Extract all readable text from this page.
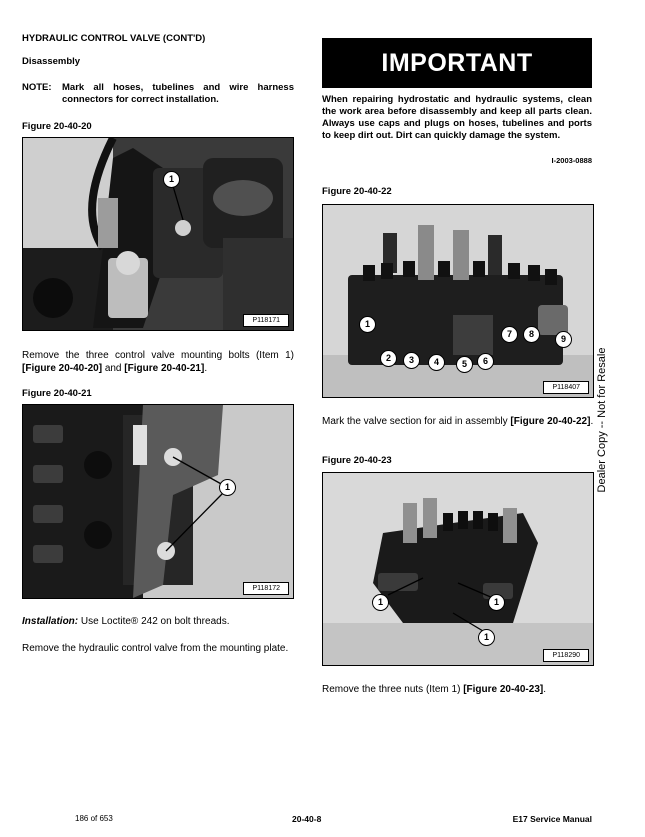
HYDRAULIC CONTROL VALVE (CONT'D)
Disassembly
NOTE: Mark all hoses, tubelines and wire harness connectors for correct installation.
Figure 20-40-20
1
P118171
Remove the three control valve mounting bolts (Item 1) [Figure 20-40-20] and [Figure 20-40-21].
Figure 20-40-21
1
P118172
Installation: Use Loctite® 242 on bolt threads.
Remove the hydraulic control valve from the mounting plate.
IMPORTANT
When repairing hydrostatic and hydraulic systems, clean the work area before disassembly and keep all parts clean. Always use caps and plugs on hoses, tubelines and ports to keep dirt out. Dirt can quickly damage the system.
I-2003-0888
Figure 20-40-22
1
2	3	4	5	6
7	8	9
P118407
Mark the valve section for aid in assembly [Figure 20-40-22].
Figure 20-40-23
1	1
1
P118290
Remove the three nuts (Item 1) [Figure 20-40-23].
Dealer Copy -- Not for Resale
186 of 653	20-40-8	E17 Service Manual
